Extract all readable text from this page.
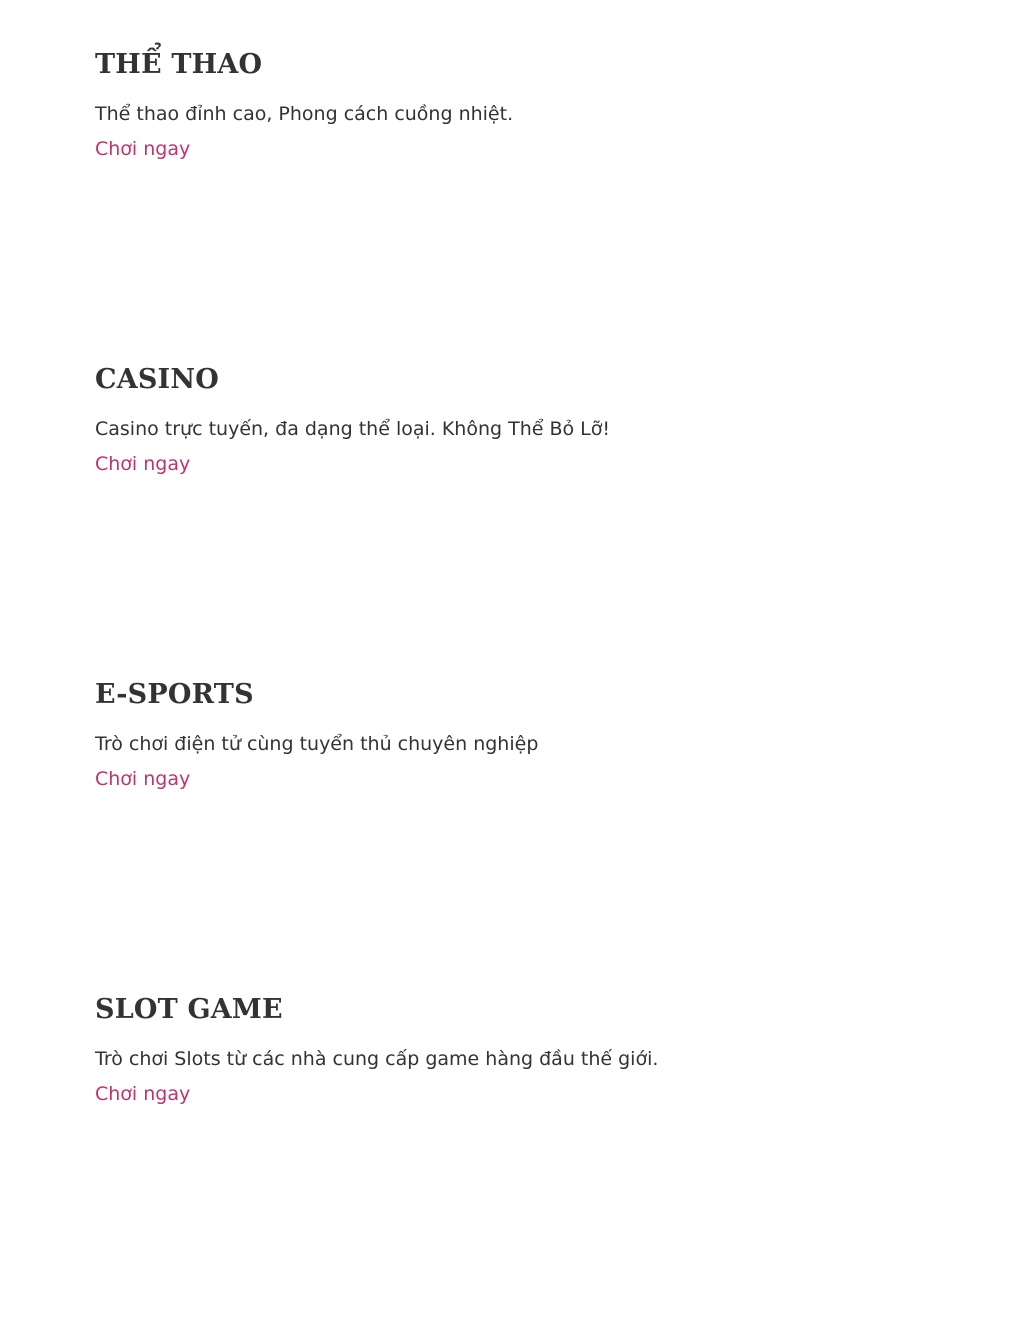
THỂ THAO

Thể thao đỉnh cao, Phong cách cuồng nhiệt.

Chơi ngay
CASINO

Casino trực tuyến, đa dạng thể loại. Không Thể Bỏ Lỡ!

Chơi ngay
E-SPORTS

Trò chơi điện tử cùng tuyển thủ chuyên nghiệp

Chơi ngay
SLOT GAME

Trò chơi Slots từ các nhà cung cấp game hàng đầu thế giới.

Chơi ngay
